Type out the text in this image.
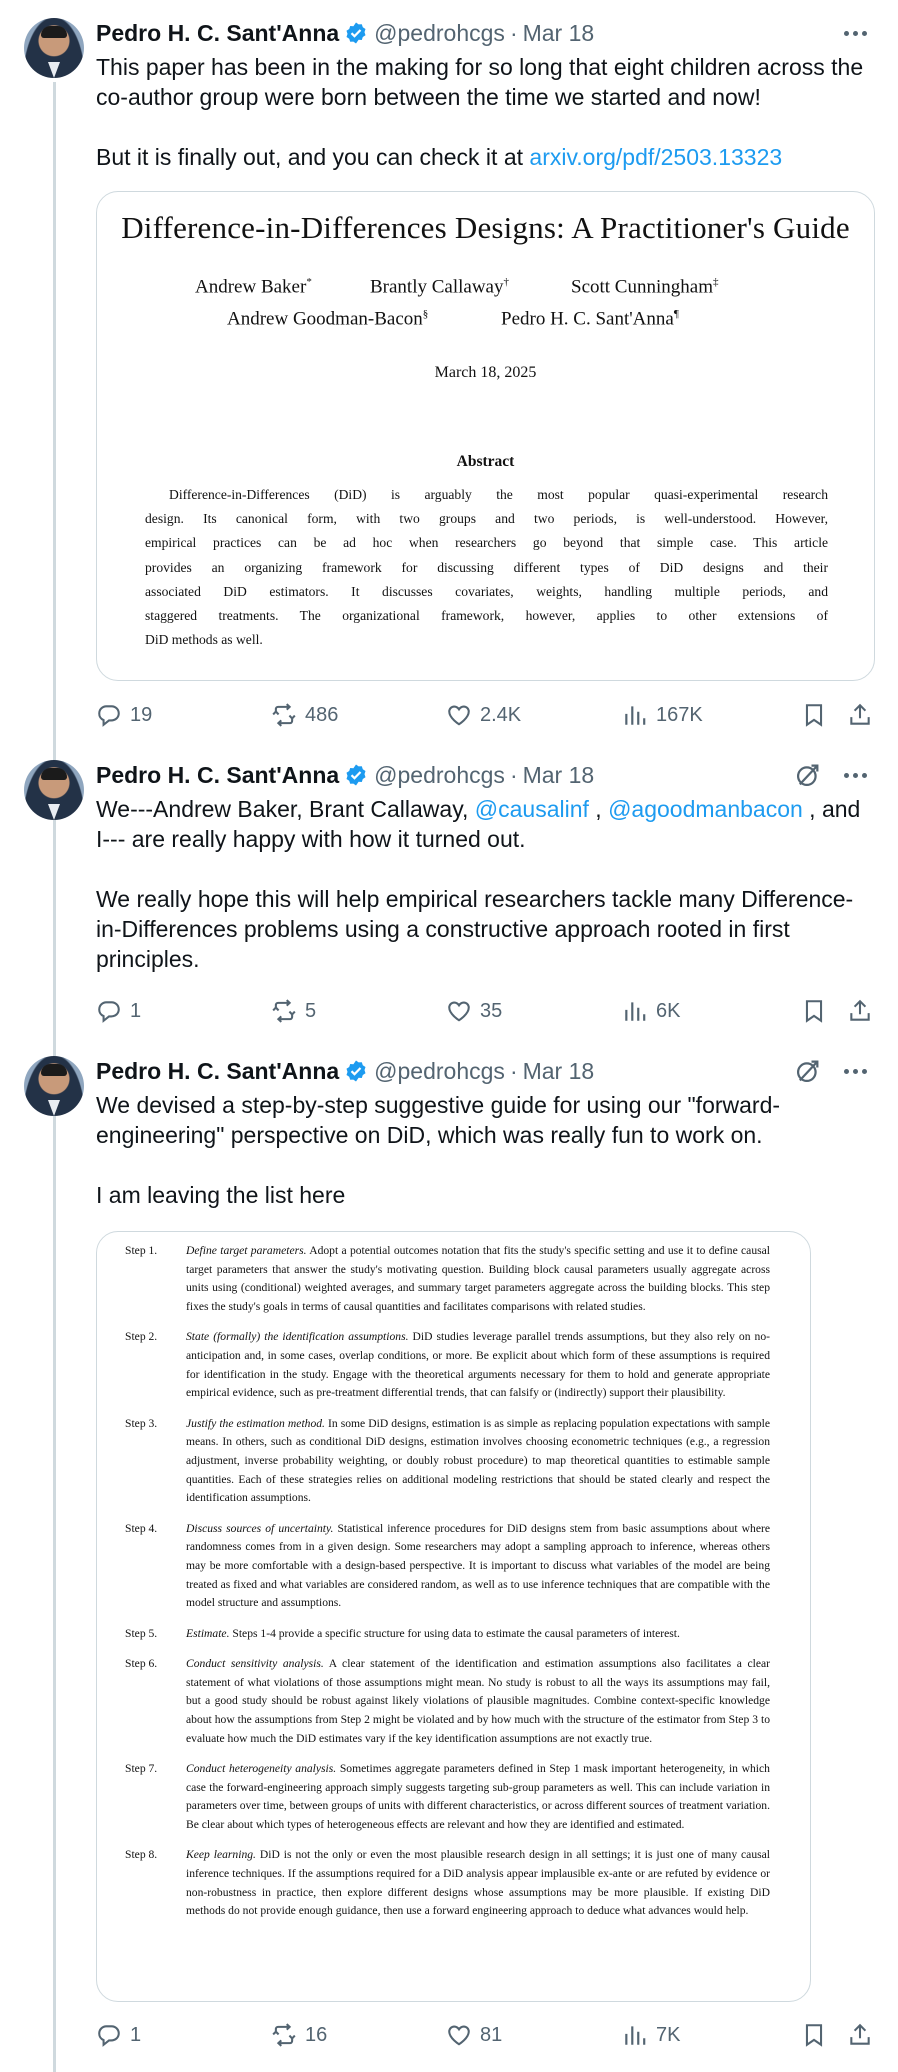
Pedro H. C. Sant'Anna @pedrohcgs · Mar 18

This paper has been in the making for so long that eight children across the co-author group were born between the time we started and now!

But it is finally out, and you can check it at arxiv.org/pdf/2503.13323

Difference-in-Differences Designs: A Practitioner's Guide
Andrew Baker*	Brantly Callaway†	Scott Cunningham‡
Andrew Goodman-Bacon§	Pedro H. C. Sant'Anna¶
March 18, 2025
Abstract
Difference-in-Differences (DiD) is arguably the most popular quasi-experimental research
design. Its canonical form, with two groups and two periods, is well-understood. However,
empirical practices can be ad hoc when researchers go beyond that simple case. This article
provides an organizing framework for discussing different types of DiD designs and their
associated DiD estimators. It discusses covariates, weights, handling multiple periods, and
staggered treatments. The organizational framework, however, applies to other extensions of
DiD methods as well.
19	486	2.4K	167K
Pedro H. C. Sant'Anna @pedrohcgs · Mar 18

We---Andrew Baker, Brant Callaway, @causalinf , @agoodmanbacon , and I--- are really happy with how it turned out.

We really hope this will help empirical researchers tackle many Difference-in-Differences problems using a constructive approach rooted in first principles.

1	5	35	6K
Pedro H. C. Sant'Anna @pedrohcgs · Mar 18

We devised a step-by-step suggestive guide for using our "forward-engineering" perspective on DiD, which was really fun to work on.

I am leaving the list here

Step 1.	Define target parameters. Adopt a potential outcomes notation that fits the study's specific setting and use it to define causal target parameters that answer the study's motivating question. Building block causal parameters usually aggregate across units using (conditional) weighted averages, and summary target parameters aggregate across the building blocks. This step fixes the study's goals in terms of causal quantities and facilitates comparisons with related studies.
Step 2.	State (formally) the identification assumptions. DiD studies leverage parallel trends assumptions, but they also rely on no-anticipation and, in some cases, overlap conditions, or more. Be explicit about which form of these assumptions is required for identification in the study. Engage with the theoretical arguments necessary for them to hold and generate appropriate empirical evidence, such as pre-treatment differential trends, that can falsify or (indirectly) support their plausibility.
Step 3.	Justify the estimation method. In some DiD designs, estimation is as simple as replacing population expectations with sample means. In others, such as conditional DiD designs, estimation involves choosing econometric techniques (e.g., a regression adjustment, inverse probability weighting, or doubly robust procedure) to map theoretical quantities to estimable sample quantities. Each of these strategies relies on additional modeling restrictions that should be stated clearly and respect the identification assumptions.
Step 4.	Discuss sources of uncertainty. Statistical inference procedures for DiD designs stem from basic assumptions about where randomness comes from in a given design. Some researchers may adopt a sampling approach to inference, whereas others may be more comfortable with a design-based perspective. It is important to discuss what variables of the model are being treated as fixed and what variables are considered random, as well as to use inference techniques that are compatible with the model structure and assumptions.
Step 5.	Estimate. Steps 1-4 provide a specific structure for using data to estimate the causal parameters of interest.
Step 6.	Conduct sensitivity analysis. A clear statement of the identification and estimation assumptions also facilitates a clear statement of what violations of those assumptions might mean. No study is robust to all the ways its assumptions may fail, but a good study should be robust against likely violations of plausible magnitudes. Combine context-specific knowledge about how the assumptions from Step 2 might be violated and by how much with the structure of the estimator from Step 3 to evaluate how much the DiD estimates vary if the key identification assumptions are not exactly true.
Step 7.	Conduct heterogeneity analysis. Sometimes aggregate parameters defined in Step 1 mask important heterogeneity, in which case the forward-engineering approach simply suggests targeting sub-group parameters as well. This can include variation in parameters over time, between groups of units with different characteristics, or across different sources of treatment variation. Be clear about which types of heterogeneous effects are relevant and how they are identified and estimated.
Step 8.	Keep learning. DiD is not the only or even the most plausible research design in all settings; it is just one of many causal inference techniques. If the assumptions required for a DiD analysis appear implausible ex-ante or are refuted by evidence or non-robustness in practice, then explore different designs whose assumptions may be more plausible. If existing DiD methods do not provide enough guidance, then use a forward engineering approach to deduce what advances would help.
1	16	81	7K
